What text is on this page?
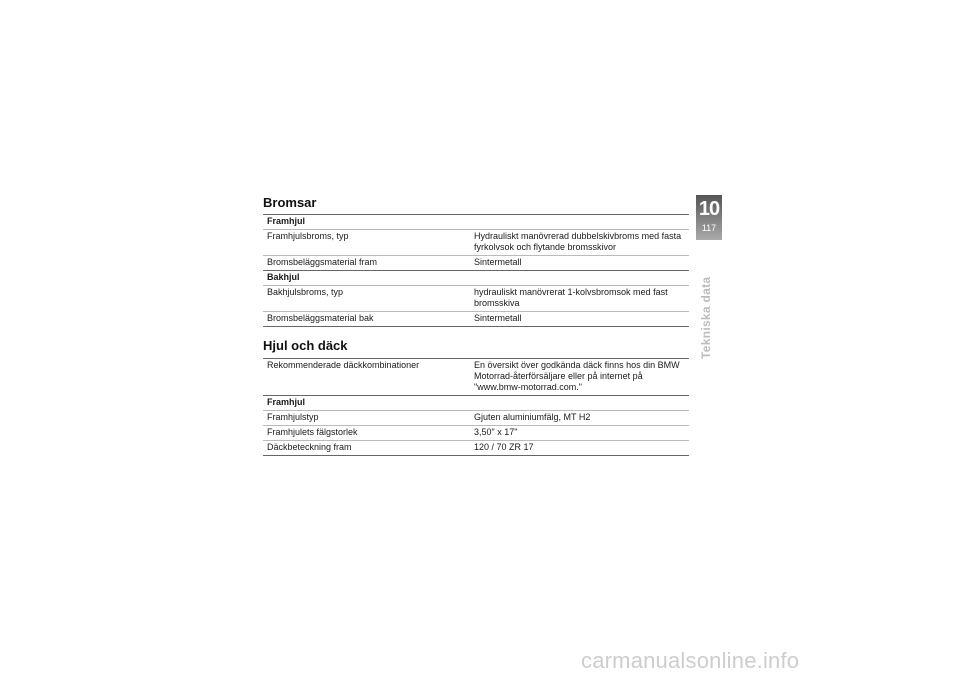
Bromsar
Framhjul	
Framhjulsbroms, typ	Hydrauliskt manövrerad dubbelskivbroms med fasta fyrkolvsok och flytande bromsskivor
Bromsbeläggsmaterial fram	Sintermetall
Bakhjul	
Bakhjulsbroms, typ	hydrauliskt manövrerat 1-kolvsbromsok med fast bromsskiva
Bromsbeläggsmaterial bak	Sintermetall
Hjul och däck
Rekommenderade däckkombinationer	En översikt över godkända däck finns hos din BMW Motorrad-återförsäljare eller på internet på "www.bmw-motorrad.com."
Framhjul	
Framhjulstyp	Gjuten aluminiumfälg, MT H2
Framhjulets fälgstorlek	3,50" x 17"
Däckbeteckning fram	120 / 70 ZR 17
10
117
Tekniska data
carmanualsonline.info
